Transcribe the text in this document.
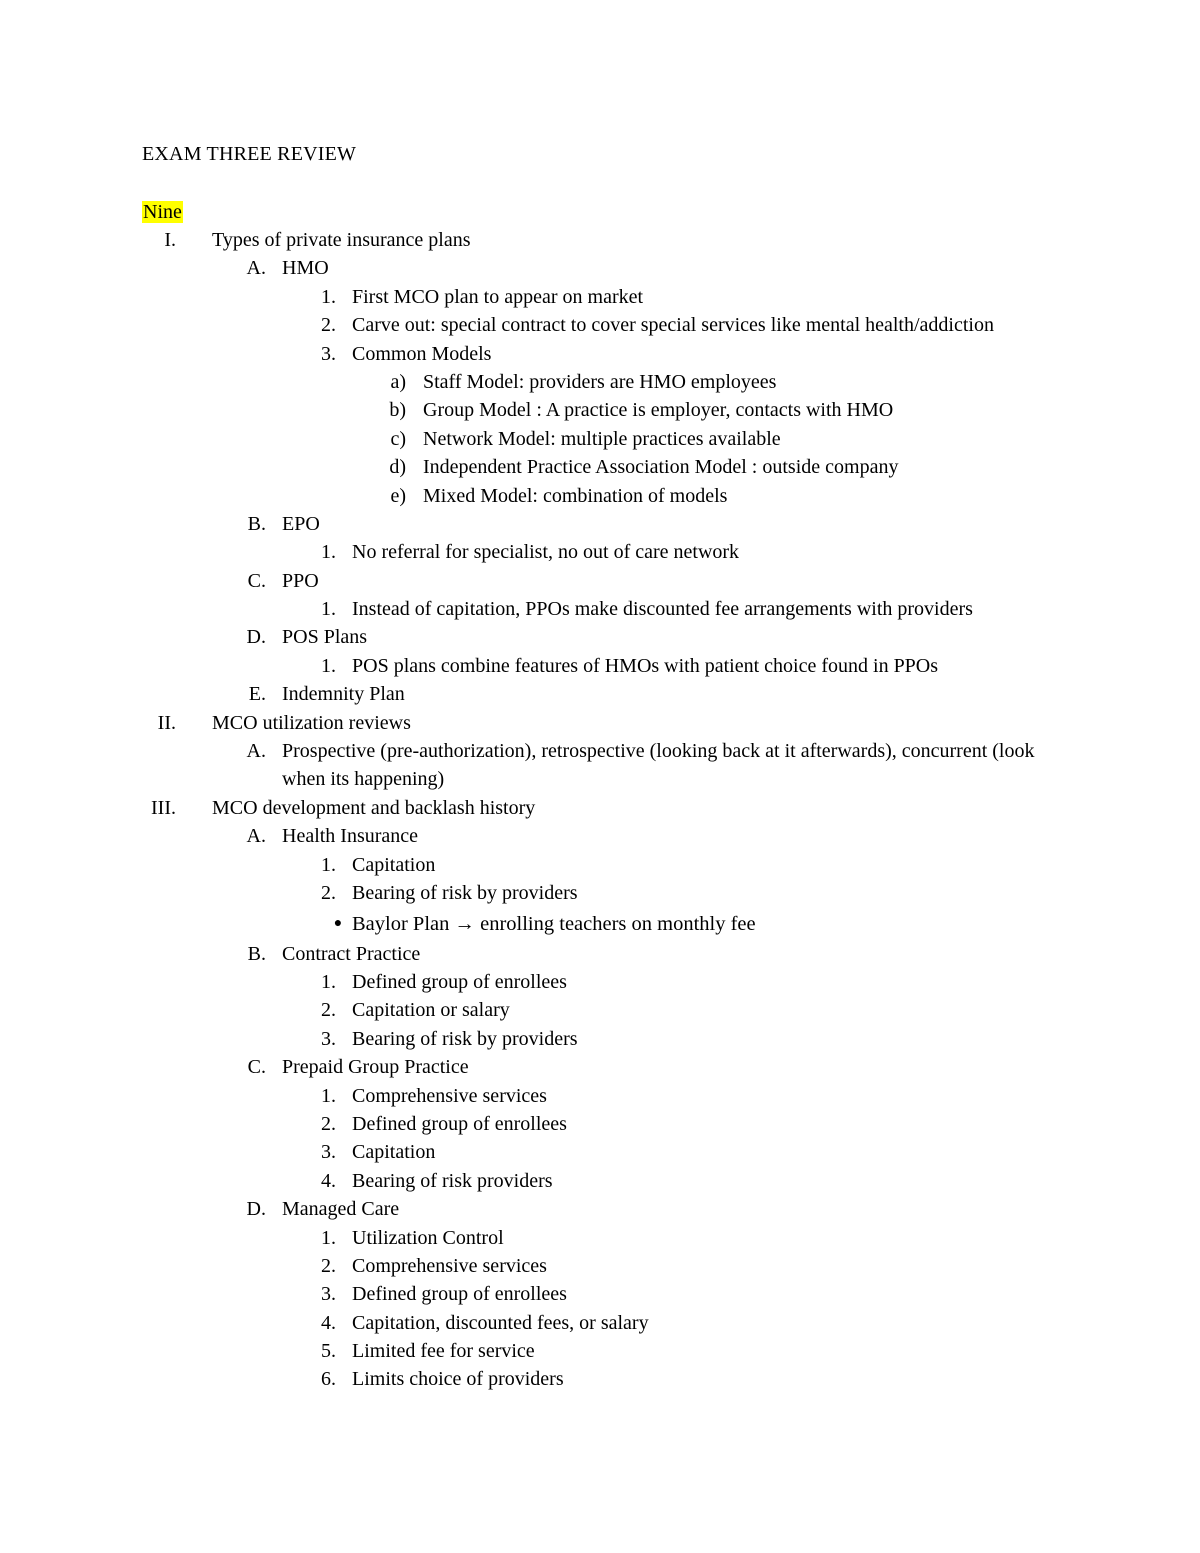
EXAM THREE REVIEW
Nine
I. Types of private insurance plans
A. HMO
1. First MCO plan to appear on market
2. Carve out: special contract to cover special services like mental health/addiction
3. Common Models
a) Staff Model: providers are HMO employees
b) Group Model : A practice is employer, contacts with HMO
c) Network Model: multiple practices available
d) Independent Practice Association Model : outside company
e) Mixed Model: combination of models
B. EPO
1. No referral for specialist, no out of care network
C. PPO
1. Instead of capitation, PPOs make discounted fee arrangements with providers
D. POS Plans
1. POS plans combine features of HMOs with patient choice found in PPOs
E. Indemnity Plan
II. MCO utilization reviews
A. Prospective (pre-authorization), retrospective (looking back at it afterwards), concurrent (look when its happening)
III. MCO development and backlash history
A. Health Insurance
1. Capitation
2. Bearing of risk by providers
● Baylor Plan → enrolling teachers on monthly fee
B. Contract Practice
1. Defined group of enrollees
2. Capitation or salary
3. Bearing of risk by providers
C. Prepaid Group Practice
1. Comprehensive services
2. Defined group of enrollees
3. Capitation
4. Bearing of risk providers
D. Managed Care
1. Utilization Control
2. Comprehensive services
3. Defined group of enrollees
4. Capitation, discounted fees, or salary
5. Limited fee for service
6. Limits choice of providers
